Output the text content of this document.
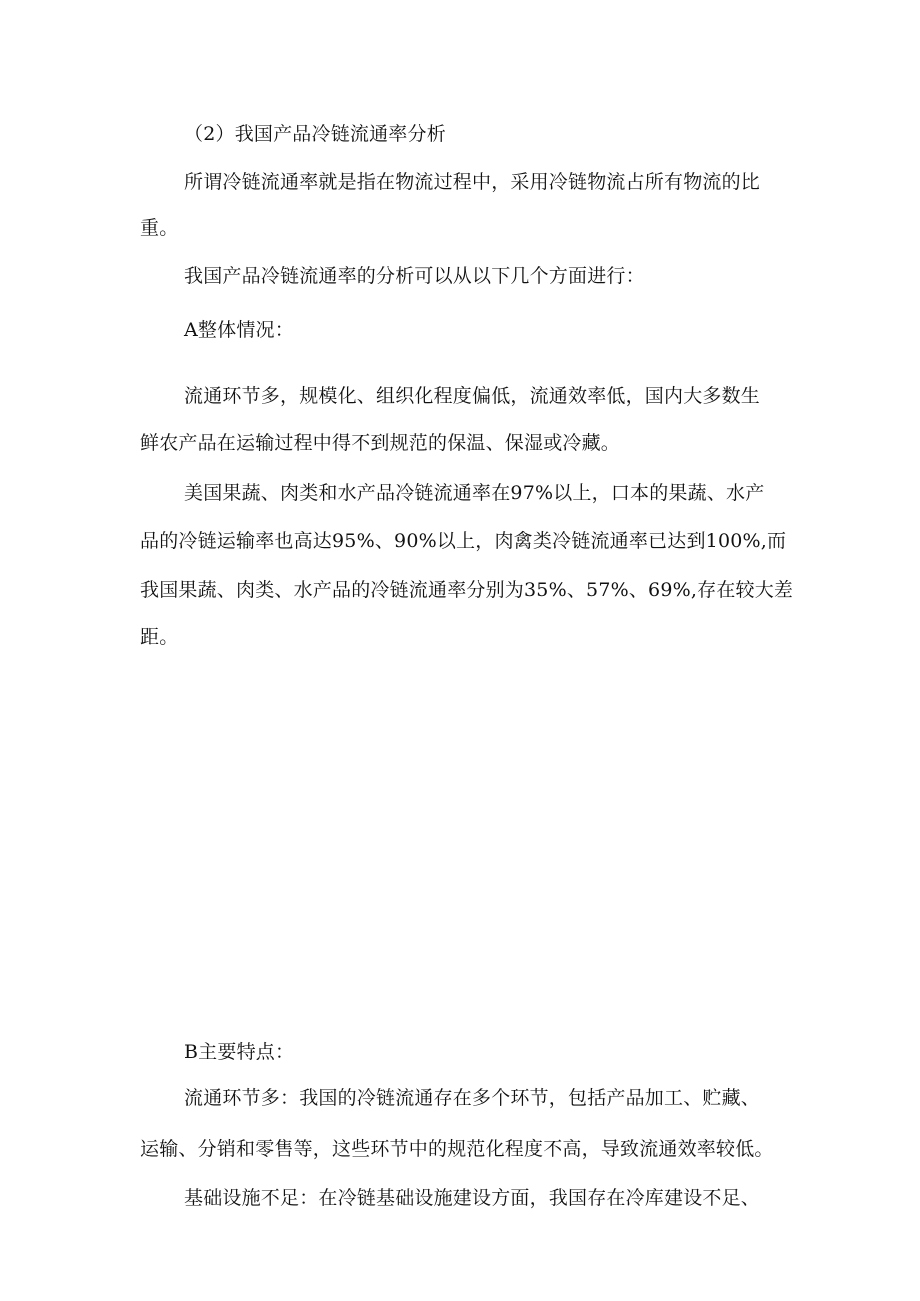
（2）我国产品冷链流通率分析
所谓冷链流通率就是指在物流过程中，采用冷链物流占所有物流的比
重。
我国产品冷链流通率的分析可以从以下几个方面进行：
A整体情况：
流通环节多，规模化、组织化程度偏低，流通效率低，国内大多数生
鲜农产品在运输过程中得不到规范的保温、保湿或冷藏。
美国果蔬、肉类和水产品冷链流通率在97%以上，口本的果蔬、水产
品的冷链运输率也高达95%、90%以上，肉禽类冷链流通率已达到100%,而
我国果蔬、肉类、水产品的冷链流通率分别为35%、57%、69%,存在较大差
距。
B主要特点：
流通环节多：我国的冷链流通存在多个环节，包括产品加工、贮藏、
运输、分销和零售等，这些环节中的规范化程度不高，导致流通效率较低。
基础设施不足：在冷链基础设施建设方面，我国存在冷库建设不足、
